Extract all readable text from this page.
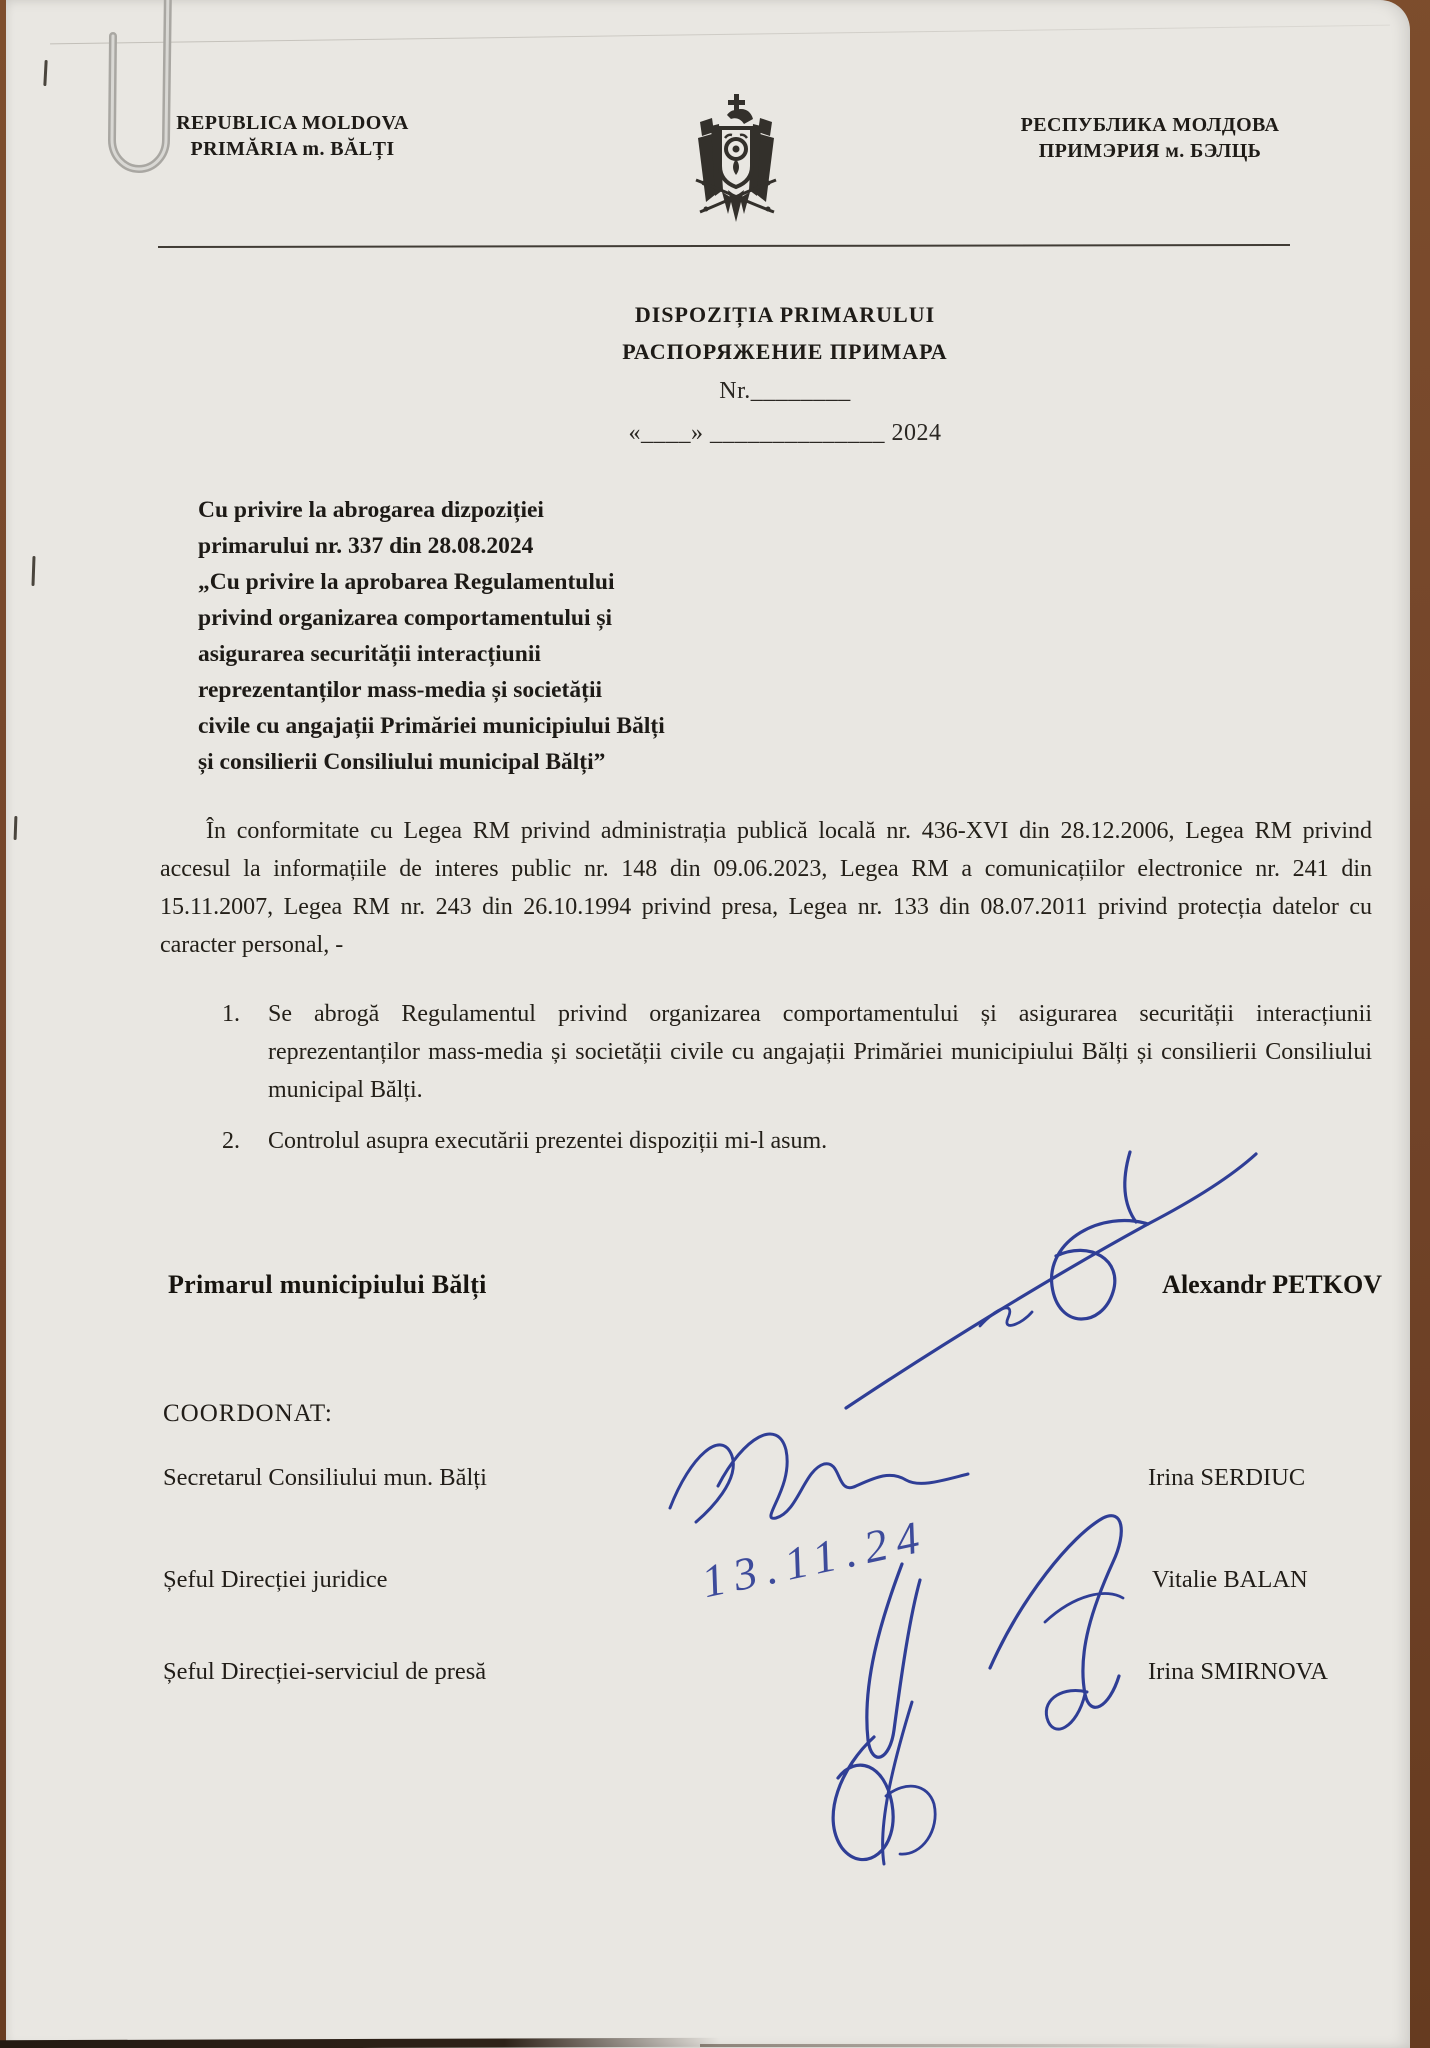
REPUBLICA MOLDOVA
PRIMĂRIA m. BĂLȚI
РЕСПУБЛИКА МОЛДОВА
ПРИМЭРИЯ м. БЭЛЦЬ
DISPOZIȚIA PRIMARULUI
РАСПОРЯЖЕНИЕ ПРИМАРА
Nr.________
«____» ______________ 2024
Cu privire la abrogarea dizpoziției
primarului nr. 337 din 28.08.2024
„Cu privire la aprobarea Regulamentului
privind organizarea comportamentului și
asigurarea securității interacțiunii
reprezentanților mass-media și societății
civile cu angajații Primăriei municipiului Bălți
și consilierii Consiliului municipal Bălți”
În conformitate cu Legea RM privind administrația publică locală nr. 436-XVI din 28.12.2006, Legea RM privind accesul la informațiile de interes public nr. 148 din 09.06.2023, Legea RM a comunicațiilor electronice nr. 241 din 15.11.2007, Legea RM nr. 243 din 26.10.1994 privind presa, Legea nr. 133 din 08.07.2011 privind protecția datelor cu caracter personal, -
1.	Se abrogă Regulamentul privind organizarea comportamentului și asigurarea securității interacțiunii reprezentanților mass-media și societății civile cu angajații Primăriei municipiului Bălți și consilierii Consiliului municipal Bălți.
2.	Controlul asupra executării prezentei dispoziții mi-l asum.
Primarul municipiului Bălți	Alexandr PETKOV
COORDONAT:
Secretarul Consiliului mun. Bălți	Irina SERDIUC
Șeful Direcției juridice	Vitalie BALAN
13.11.24
Șeful Direcției-serviciul de presă	Irina SMIRNOVA
